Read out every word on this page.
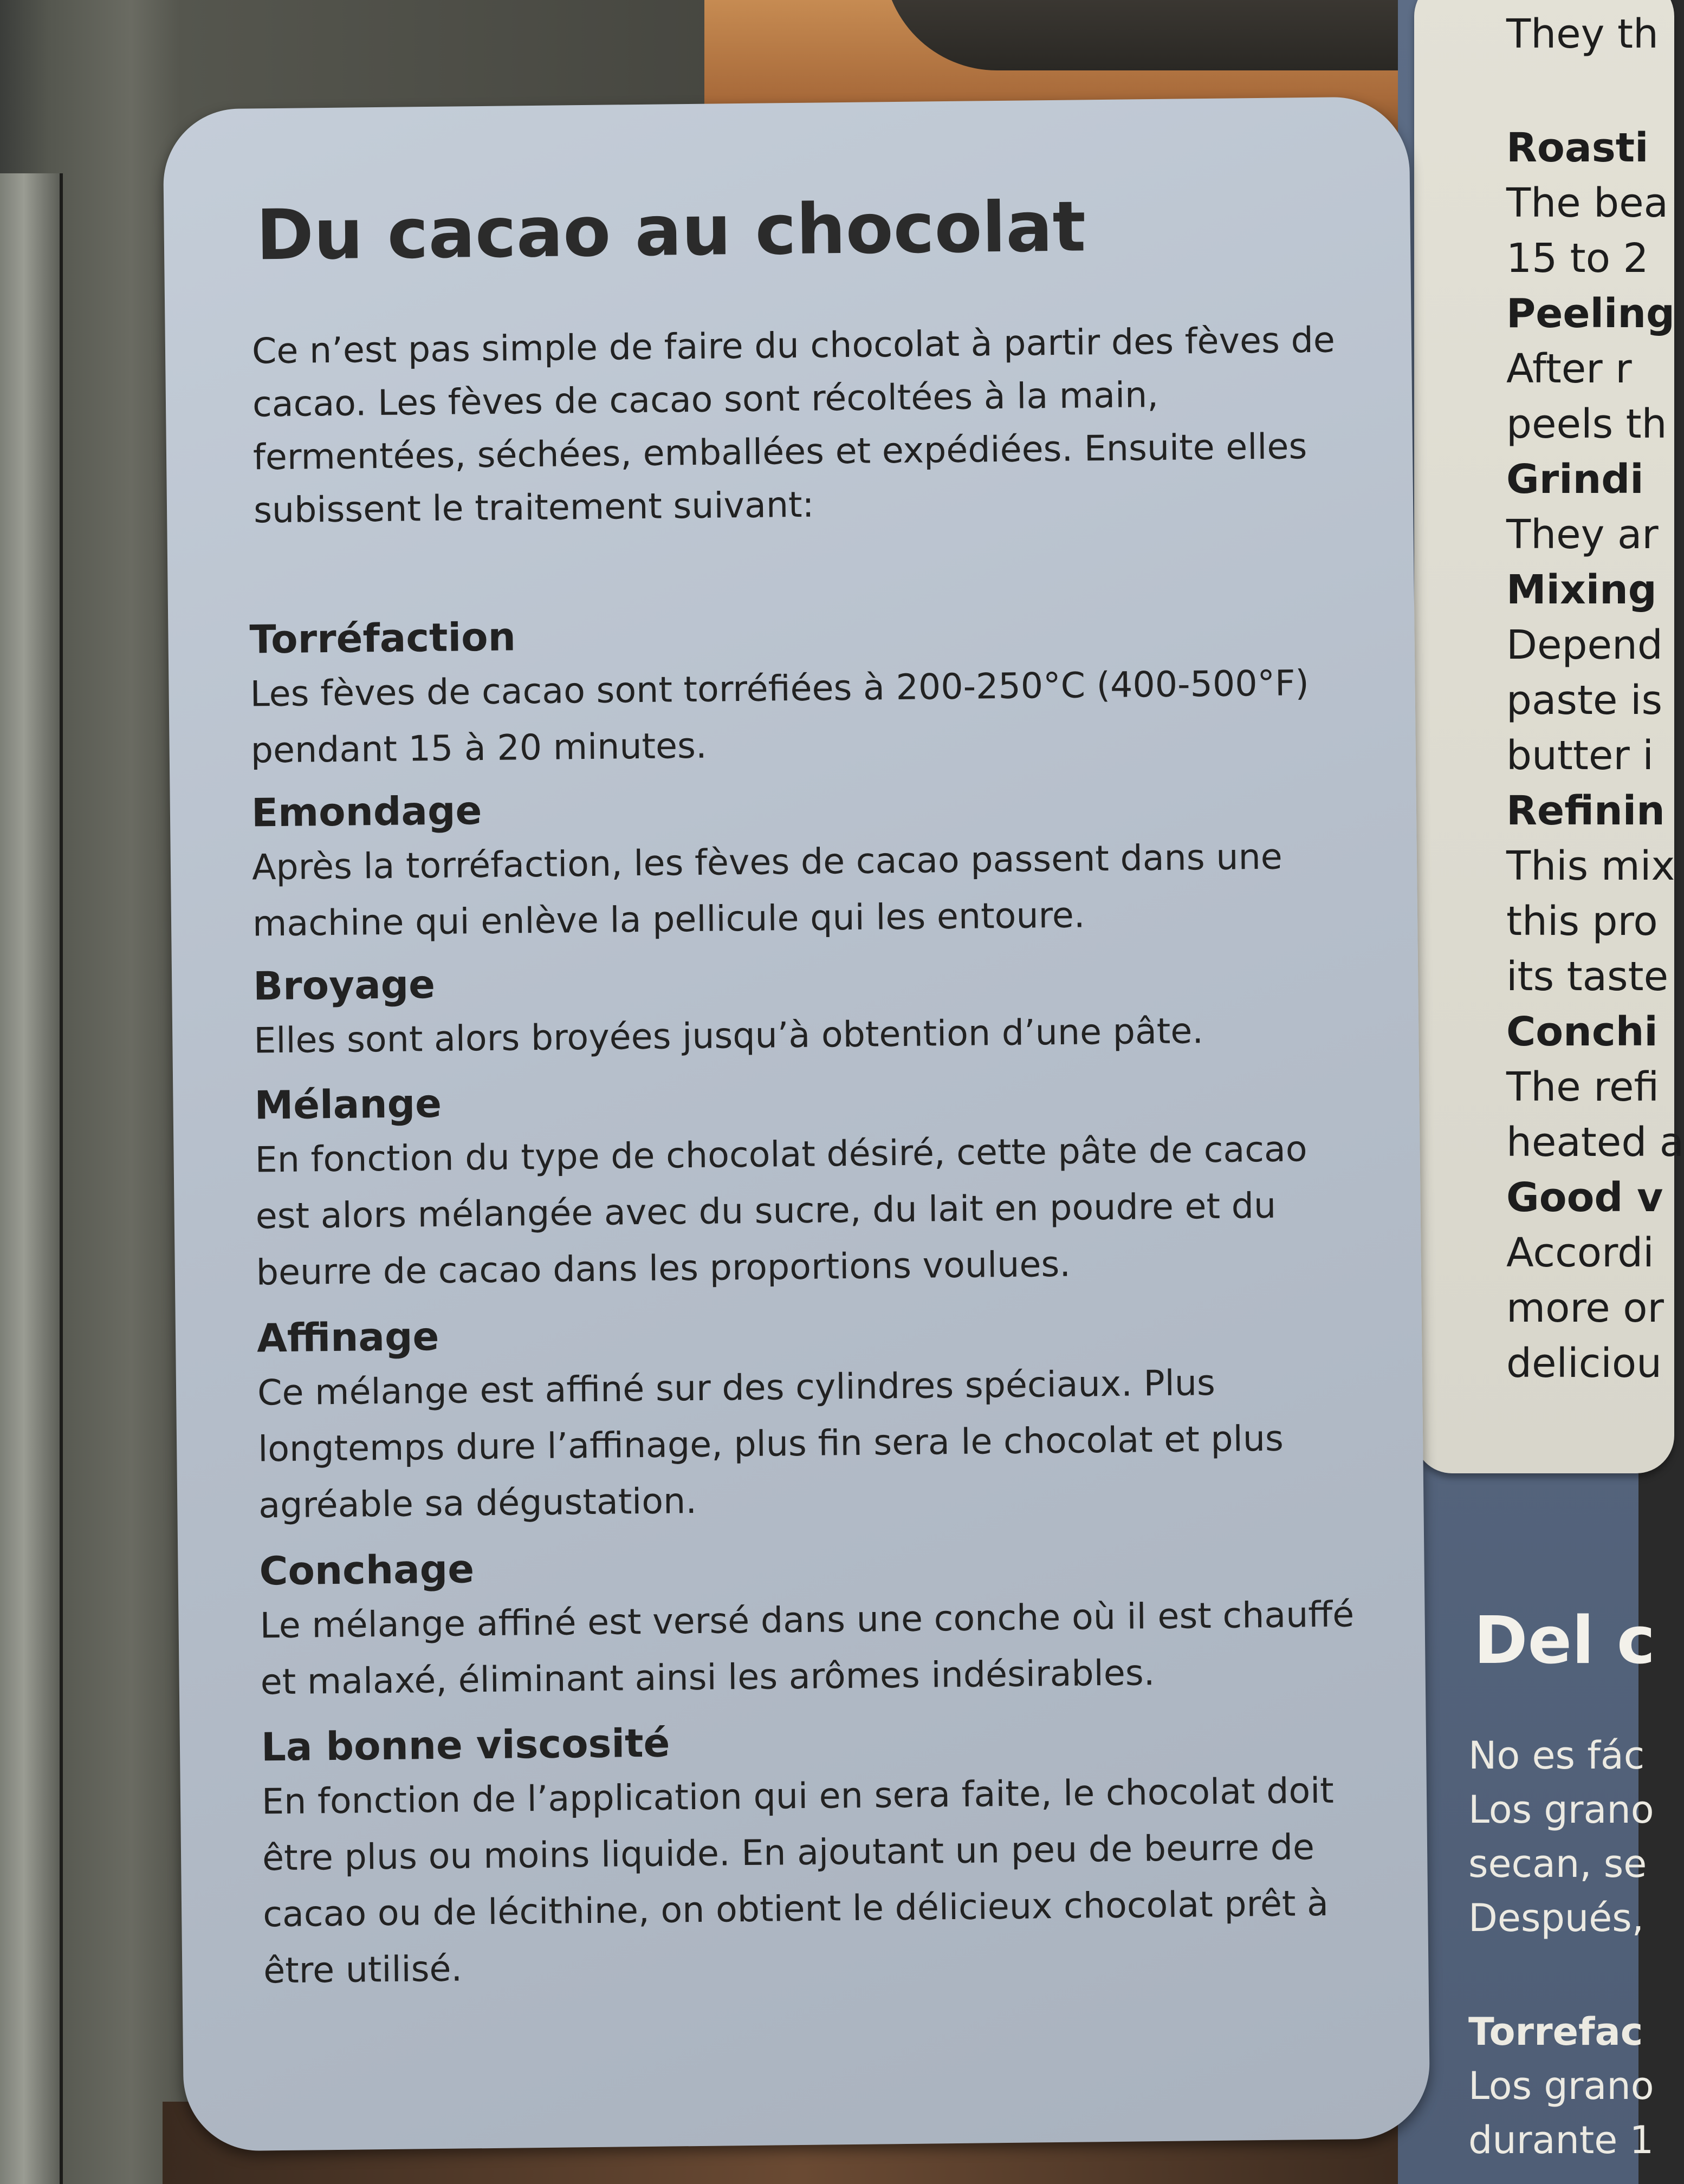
They th
Roasti
The bea
15 to 2
Peeling
After r
peels th
Grindi
They ar
Mixing
Depend
paste is
butter i
Refinin
This mix
this pro
its taste
Conchi
The refi
heated a
Good v
Accordi
more or
deliciou
Del c
No es fác
Los grano
secan, se
Después,
Torrefac
Los grano
durante 1
Du cacao au chocolat

Ce n’est pas simple de faire du chocolat à partir des fèves de cacao. Les fèves de cacao sont récoltées à la main, fermentées, séchées, emballées et expédiées. Ensuite elles subissent le traitement suivant:

Torréfaction

Les fèves de cacao sont torréfiées à 200-250°C (400-500°F) pendant 15 à 20 minutes.

Emondage

Après la torréfaction, les fèves de cacao passent dans une machine qui enlève la pellicule qui les entoure.

Broyage

Elles sont alors broyées jusqu’à obtention d’une pâte.

Mélange

En fonction du type de chocolat désiré, cette pâte de cacao est alors mélangée avec du sucre, du lait en poudre et du beurre de cacao dans les proportions voulues.

Affinage

Ce mélange est affiné sur des cylindres spéciaux. Plus longtemps dure l’affinage, plus fin sera le chocolat et plus agréable sa dégustation.

Conchage

Le mélange affiné est versé dans une conche où il est chauffé et malaxé, éliminant ainsi les arômes indésirables.

La bonne viscosité

En fonction de l’application qui en sera faite, le chocolat doit être plus ou moins liquide. En ajoutant un peu de beurre de cacao ou de lécithine, on obtient le délicieux chocolat prêt à être utilisé.
